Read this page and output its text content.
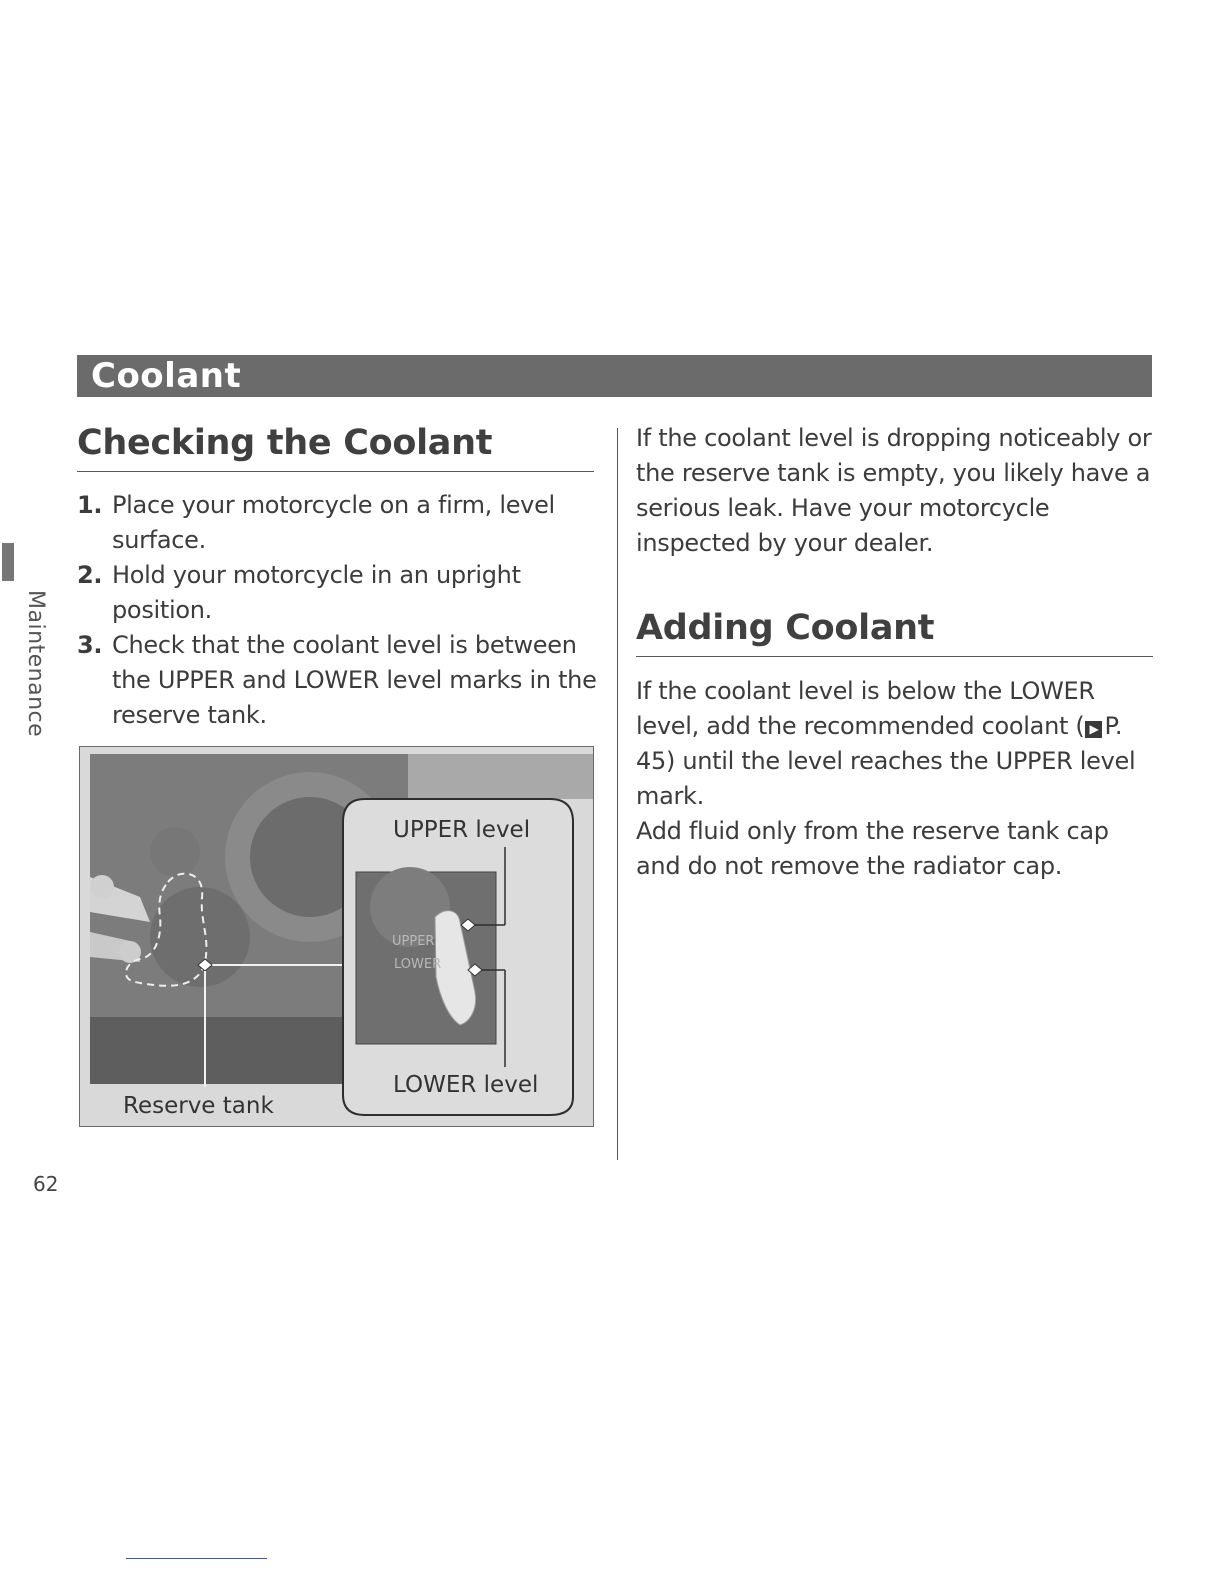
Coolant
Maintenance
Checking the Coolant
1. Place your motorcycle on a firm, level surface.
2. Hold your motorcycle in an upright position.
3. Check that the coolant level is between the UPPER and LOWER level marks in the reserve tank.
UPPER
LOWER
UPPER level
LOWER level
Reserve tank

If the coolant level is dropping noticeably or the reserve tank is empty, you likely have a serious leak. Have your motorcycle inspected by your dealer.

Adding Coolant

If the coolant level is below the LOWER level, add the recommended coolant ( ▶ P. 45) until the level reaches the UPPER level mark.
Add fluid only from the reserve tank cap and do not remove the radiator cap.

62
